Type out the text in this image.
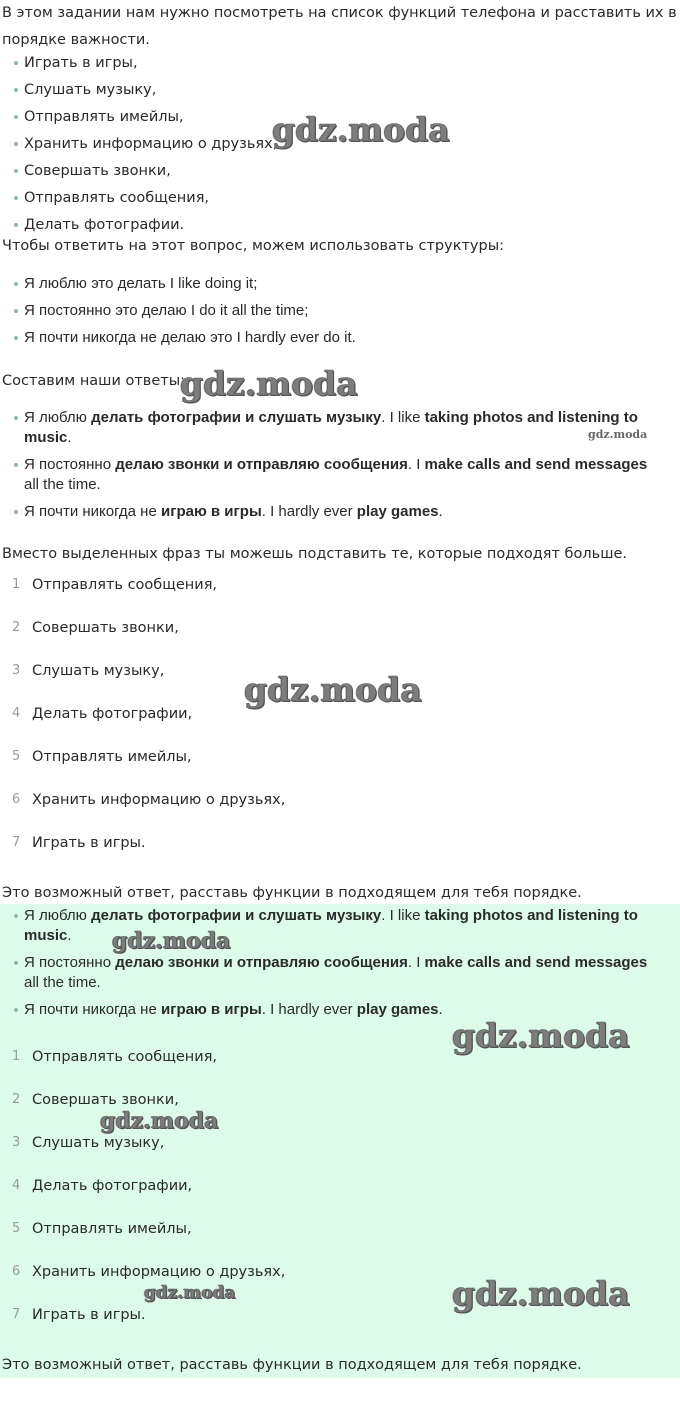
В этом задании нам нужно посмотреть на список функций телефона и расставить их в

порядке важности.

Играть в игры,
Слушать музыку,
Отправлять имейлы,
Хранить информацию о друзьях,
Совершать звонки,
Отправлять сообщения,
Делать фотографии.

Чтобы ответить на этот вопрос, можем использовать структуры:

Я люблю это делать I like doing it;
Я постоянно это делаю I do it all the time;
Я почти никогда не делаю это I hardly ever do it.

Составим наши ответы:

Я люблю делать фотографии и слушать музыку. I like taking photos and listening to
music.
Я постоянно делаю звонки и отправляю сообщения. I make calls and send messages
all the time.
Я почти никогда не играю в игры. I hardly ever play games.

Вместо выделенных фраз ты можешь подставить те, которые подходят больше.

1 Отправлять сообщения,
2 Совершать звонки,
3 Слушать музыку,
4 Делать фотографии,
5 Отправлять имейлы,
6 Хранить информацию о друзьях,
7 Играть в игры.

Это возможный ответ, расставь функции в подходящем для тебя порядке.

Я люблю делать фотографии и слушать музыку. I like taking photos and listening to
music.
Я постоянно делаю звонки и отправляю сообщения. I make calls and send messages
all the time.
Я почти никогда не играю в игры. I hardly ever play games.
1 Отправлять сообщения,
2 Совершать звонки,
3 Слушать музыку,
4 Делать фотографии,
5 Отправлять имейлы,
6 Хранить информацию о друзьях,
7 Играть в игры.

Это возможный ответ, расставь функции в подходящем для тебя порядке.

gdz.moda
gdz.moda
gdz.moda
gdz.moda
gdz.moda
gdz.moda
gdz.moda
gdz.moda
gdz.moda
